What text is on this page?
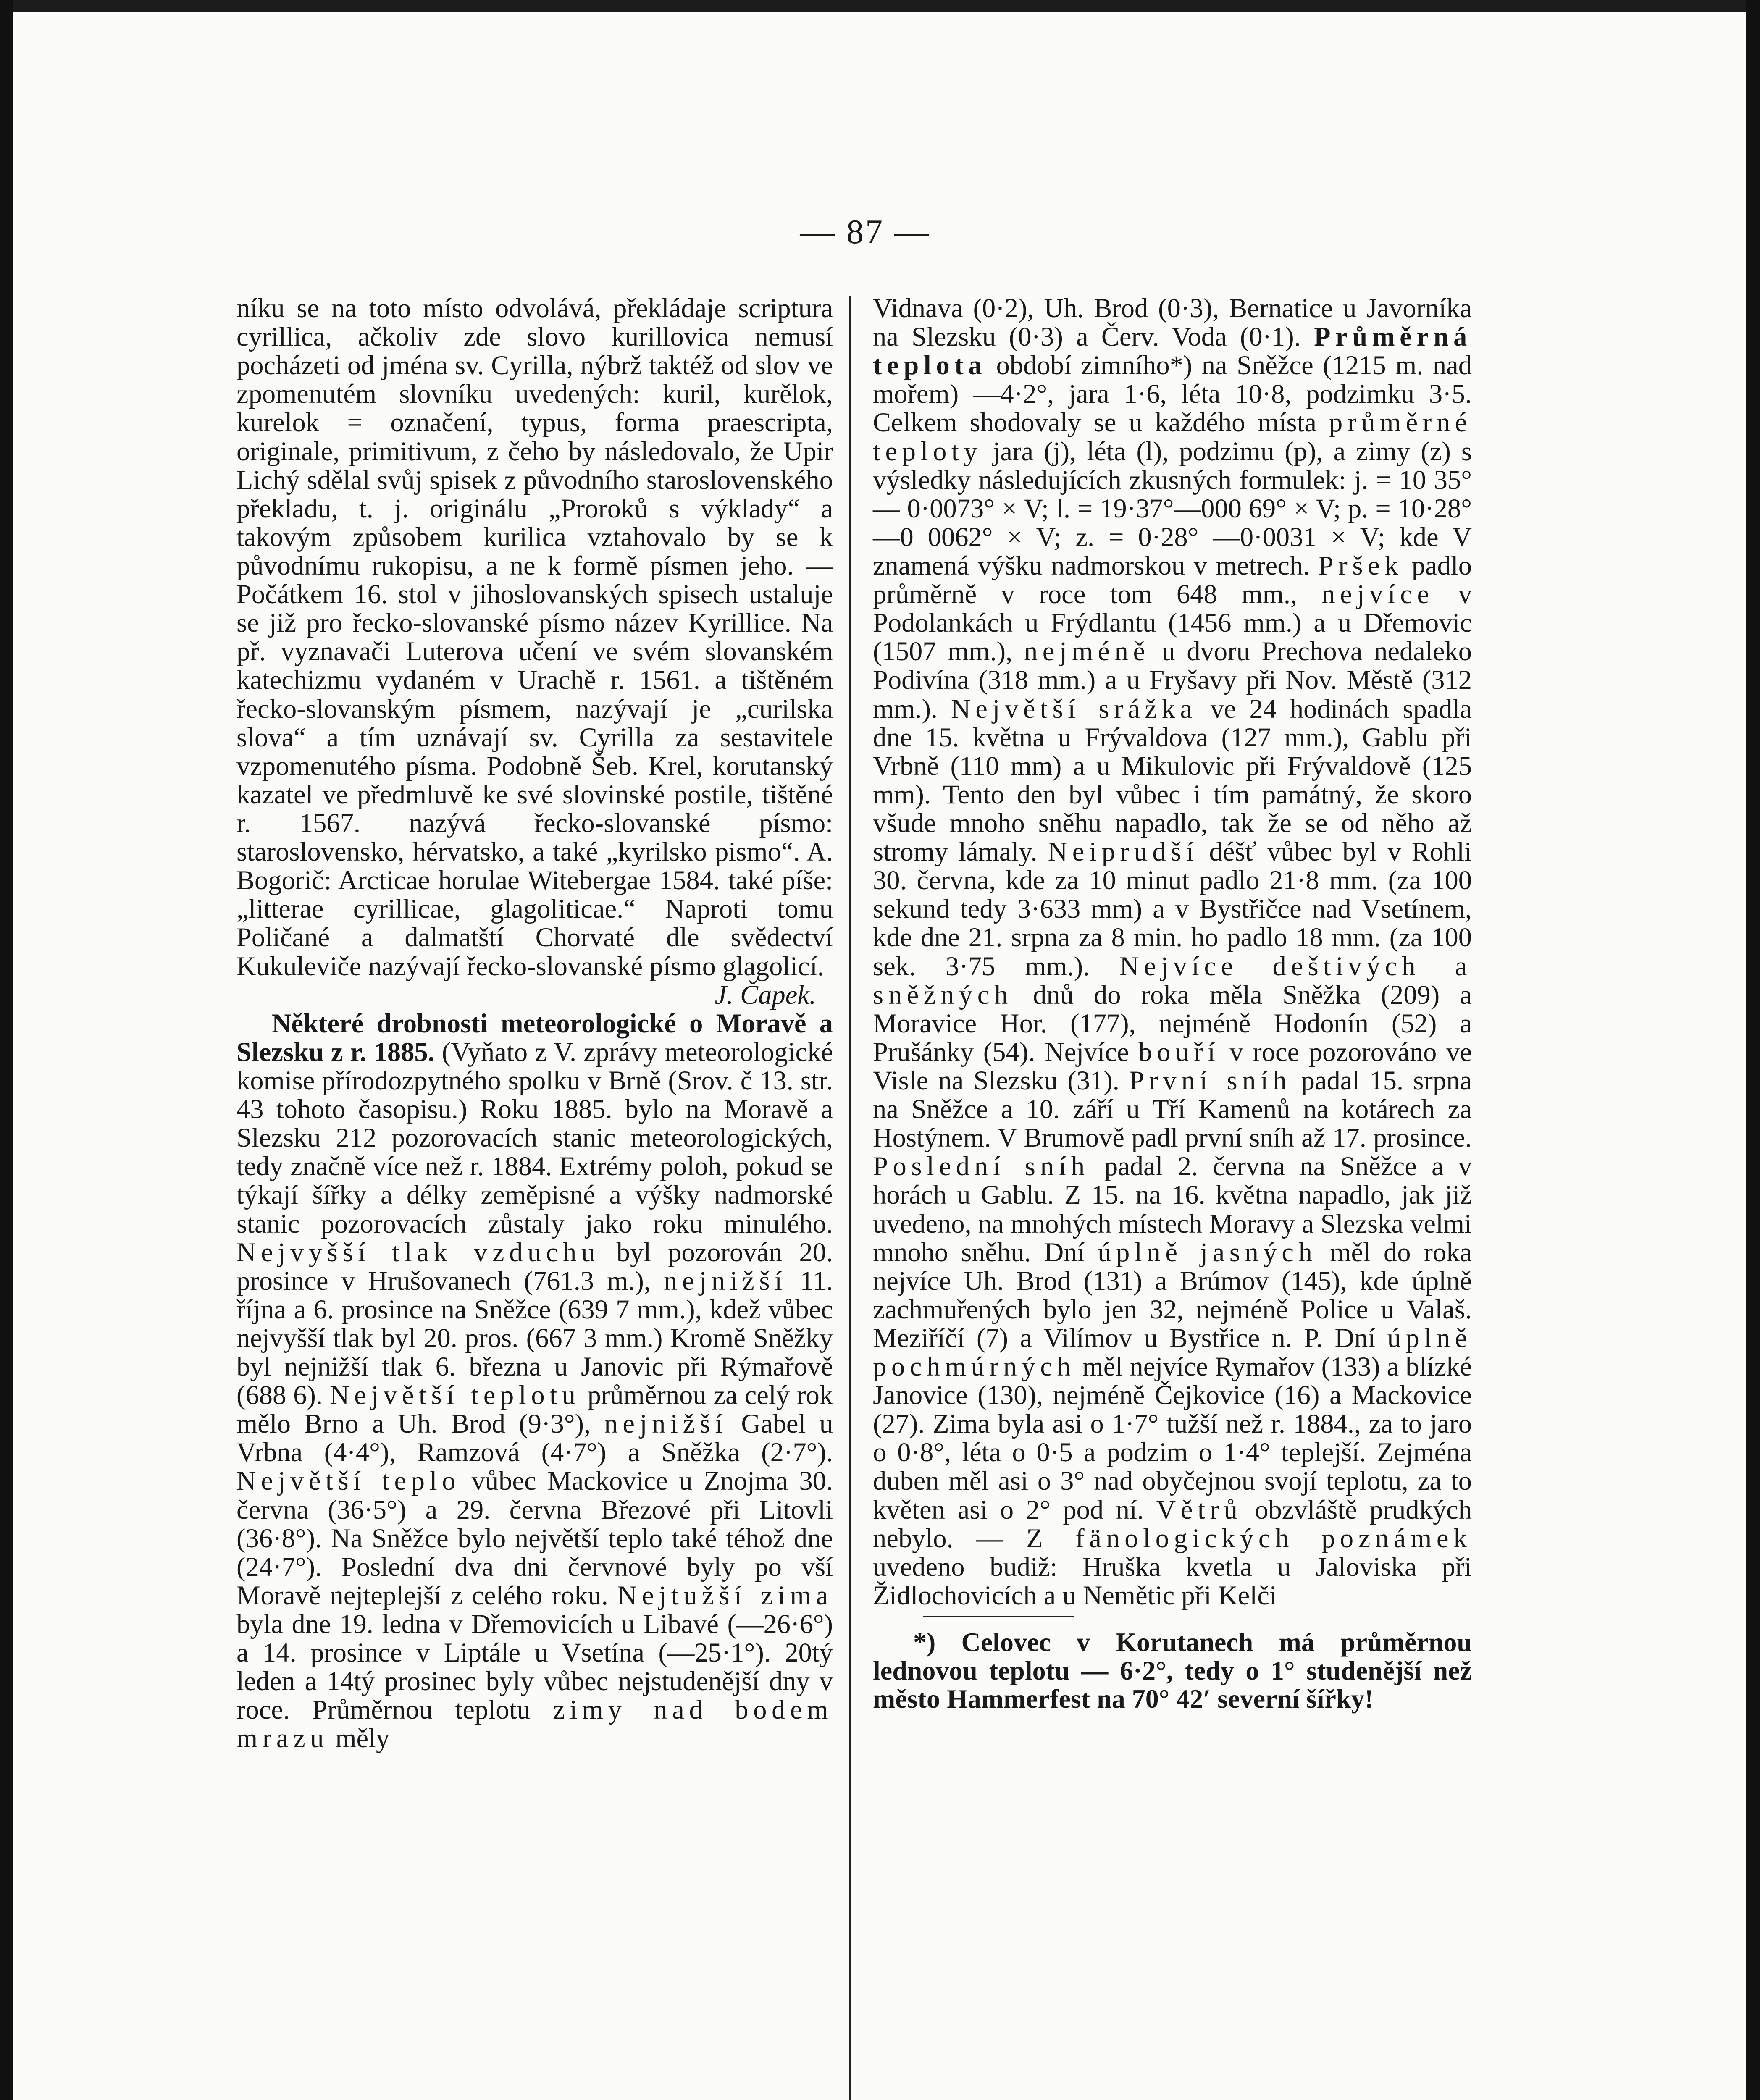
— 87 —

níku se na toto místo odvolává, překládaje scriptura cyrillica, ačkoliv zde slovo kurillovica nemusí pocházeti od jména sv. Cyrilla, nýbrž taktéž od slov ve zpomenutém slovníku uvedených: kuril, kurělok, kurelok = označení, typus, forma praescripta, originale, primitivum, z čeho by následovalo, že Upir Lichý sdělal svůj spisek z původního staroslovenského překladu, t. j. originálu „Proroků s výklady“ a takovým způsobem kurilica vztahovalo by se k původnímu rukopisu, a ne k formě písmen jeho. — Počátkem 16. stol v jihoslovanských spisech ustaluje se již pro řecko-slovanské písmo název Kyrillice. Na př. vyznavači Luterova učení ve svém slovanském katechizmu vydaném v Urachě r. 1561. a tištěném řecko-slovanským písmem, nazývají je „curilska slova“ a tím uznávají sv. Cyrilla za sestavitele vzpomenutého písma. Podobně Šeb. Krel, korutanský kazatel ve předmluvě ke své slovinské postile, tištěné r. 1567. nazývá řecko-slovanské písmo: staroslovensko, hérvatsko, a také „kyrilsko pismo“. A. Bogorič: Arcticae horulae Witebergae 1584. také píše: „litterae cyrillicae, glagoliticae.“ Naproti tomu Poličané a dalmatští Chorvaté dle svědectví Kukuleviče nazývají řecko-slovanské písmo glagolicí.

J. Čapek.

Některé drobnosti meteorologické o Moravě a Slezsku z r. 1885. (Vyňato z V. zprávy meteorologické komise přírodozpytného spolku v Brně (Srov. č 13. str. 43 tohoto časopisu.) Roku 1885. bylo na Moravě a Slezsku 212 pozorovacích stanic meteorologických, tedy značně více než r. 1884. Extrémy poloh, pokud se týkají šířky a délky zeměpisné a výšky nadmorské stanic pozorovacích zůstaly jako roku minulého. Nejvyšší tlak vzduchu byl pozorován 20. prosince v Hrušovanech (761.3 m.), nejnižší 11. října a 6. prosince na Sněžce (639 7 mm.), kdež vůbec nejvyšší tlak byl 20. pros. (667 3 mm.) Kromě Sněžky byl nejnižší tlak 6. března u Janovic při Rýmařově (688 6). Největší teplotu průměrnou za celý rok mělo Brno a Uh. Brod (9·3°), nejnižší Gabel u Vrbna (4·4°), Ramzová (4·7°) a Sněžka (2·7°). Největší teplo vůbec Mackovice u Znojma 30. června (36·5°) a 29. června Březové při Litovli (36·8°). Na Sněžce bylo největší teplo také téhož dne (24·7°). Poslední dva dni červnové byly po vší Moravě nejteplejší z celého roku. Nejtužší zima byla dne 19. ledna v Dřemovicích u Libavé (—26·6°) a 14. prosince v Liptále u Vsetína (—25·1°). 20tý leden a 14tý prosinec byly vůbec nejstudenější dny v roce. Průměrnou teplotu zimy nad bodem mrazu měly

Vidnava (0·2), Uh. Brod (0·3), Bernatice u Javorníka na Slezsku (0·3) a Červ. Voda (0·1). Průměrná teplota období zimního*) na Sněžce (1215 m. nad mořem) —4·2°, jara 1·6, léta 10·8, podzimku 3·5. Celkem shodovaly se u každého místa průměrné teploty jara (j), léta (l), podzimu (p), a zimy (z) s výsledky následujících zkusných formulek: j. = 10 35°— 0·0073° × V; l. = 19·37°—000 69° × V; p. = 10·28°—0 0062° × V; z. = 0·28° —0·0031 × V; kde V znamená výšku nadmorskou v metrech. Pršek padlo průměrně v roce tom 648 mm., nejvíce v Podolankách u Frýdlantu (1456 mm.) a u Dřemovic (1507 mm.), nejméně u dvoru Prechova nedaleko Podivína (318 mm.) a u Fryšavy při Nov. Městě (312 mm.). Největší srážka ve 24 hodinách spadla dne 15. května u Frývaldova (127 mm.), Gablu při Vrbně (110 mm) a u Mikulovic při Frývaldově (125 mm). Tento den byl vůbec i tím památný, že skoro všude mnoho sněhu napadlo, tak že se od něho až stromy lámaly. Neiprudší déšť vůbec byl v Rohli 30. června, kde za 10 minut padlo 21·8 mm. (za 100 sekund tedy 3·633 mm) a v Bystřičce nad Vsetínem, kde dne 21. srpna za 8 min. ho padlo 18 mm. (za 100 sek. 3·75 mm.). Nejvíce deštivých a sněžných dnů do roka měla Sněžka (209) a Moravice Hor. (177), nejméně Hodonín (52) a Prušánky (54). Nejvíce bouří v roce pozorováno ve Visle na Slezsku (31). První sníh padal 15. srpna na Sněžce a 10. září u Tří Kamenů na kotárech za Hostýnem. V Brumově padl první sníh až 17. prosince. Poslední sníh padal 2. června na Sněžce a v horách u Gablu. Z 15. na 16. května napadlo, jak již uvedeno, na mnohých místech Moravy a Slezska velmi mnoho sněhu. Dní úplně jasných měl do roka nejvíce Uh. Brod (131) a Brúmov (145), kde úplně zachmuřených bylo jen 32, nejméně Police u Valaš. Meziříčí (7) a Vilímov u Bystřice n. P. Dní úplně pochmúrných měl nejvíce Rymařov (133) a blízké Janovice (130), nejméně Čejkovice (16) a Mackovice (27). Zima byla asi o 1·7° tužší než r. 1884., za to jaro o 0·8°, léta o 0·5 a podzim o 1·4° teplejší. Zejména duben měl asi o 3° nad obyčejnou svojí teplotu, za to květen asi o 2° pod ní. Větrů obzvláště prudkých nebylo. — Z fänologických poznámek uvedeno budiž: Hruška kvetla u Jaloviska při Židlochovicích a u Nemětic při Kelči

*) Celovec v Korutanech má průměrnou lednovou teplotu — 6·2°, tedy o 1° studenější než město Hammerfest na 70° 42′ severní šířky!
